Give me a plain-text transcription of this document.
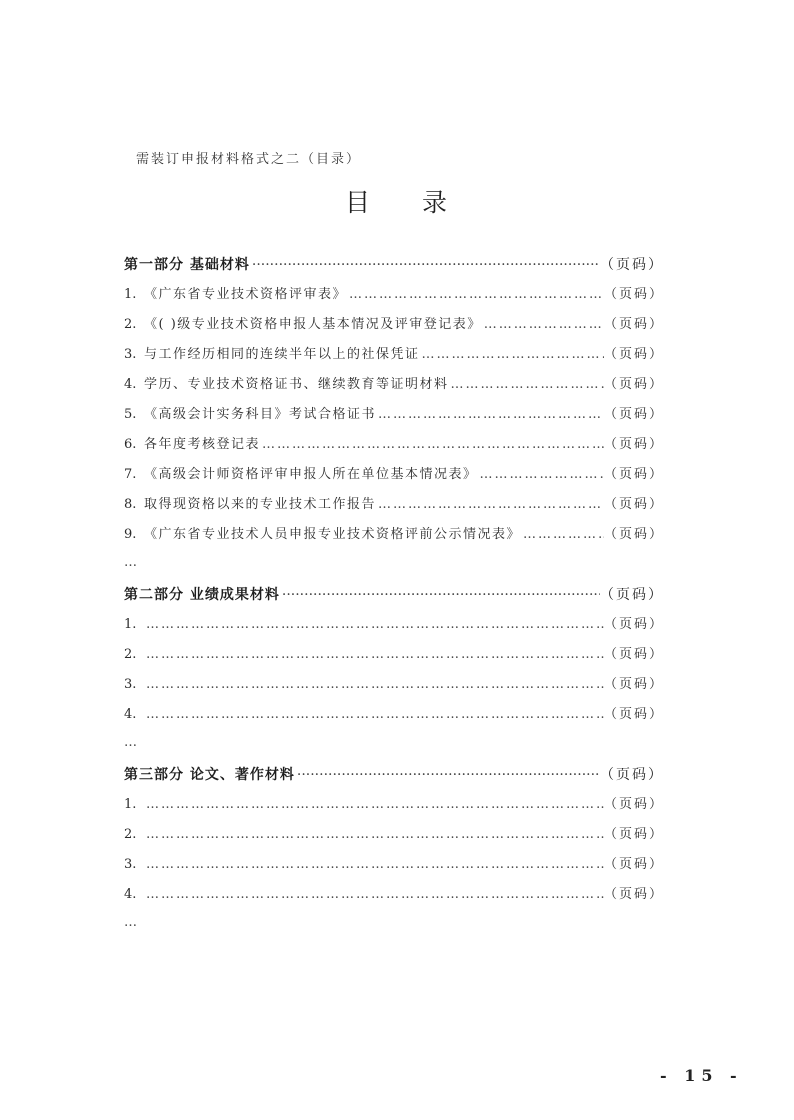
需装订申报材料格式之二（目录）
目 录
第一部分 基础材料 ·····	（页码）
1. 《广东省专业技术资格评审表》 ………………………………………………………………………………………………………………………………………………………………	（页码）
2. 《( )级专业技术资格申报人基本情况及评审登记表》 ………………………………………………………………………………………………………………………………………………………………	（页码）
3. 与工作经历相同的连续半年以上的社保凭证 ………………………………………………………………………………………………………………………………………………………………	（页码）
4. 学历、专业技术资格证书、继续教育等证明材料 ………………………………………………………………………………………………………………………………………………………………	（页码）
5. 《高级会计实务科目》考试合格证书 ………………………………………………………………………………………………………………………………………………………………	（页码）
6. 各年度考核登记表 ………………………………………………………………………………………………………………………………………………………………	（页码）
7. 《高级会计师资格评审申报人所在单位基本情况表》 ………………………………………………………………………………………………………………………………………………………………	（页码）
8. 取得现资格以来的专业技术工作报告 ………………………………………………………………………………………………………………………………………………………………	（页码）
9. 《广东省专业技术人员申报专业技术资格评前公示情况表》 ………………………………………………………………………………………………………………………………………………………………	（页码）
…
第二部分 业绩成果材料 ·····	（页码）
1. ………………………………………………………………………………………………………………………………………………………………	（页码）
2. ………………………………………………………………………………………………………………………………………………………………	（页码）
3. ………………………………………………………………………………………………………………………………………………………………	（页码）
4. ………………………………………………………………………………………………………………………………………………………………	（页码）
…
第三部分 论文、著作材料 ·····	（页码）
1. ………………………………………………………………………………………………………………………………………………………………	（页码）
2. ………………………………………………………………………………………………………………………………………………………………	（页码）
3. ………………………………………………………………………………………………………………………………………………………………	（页码）
4. ………………………………………………………………………………………………………………………………………………………………	（页码）
…
- 15 -
